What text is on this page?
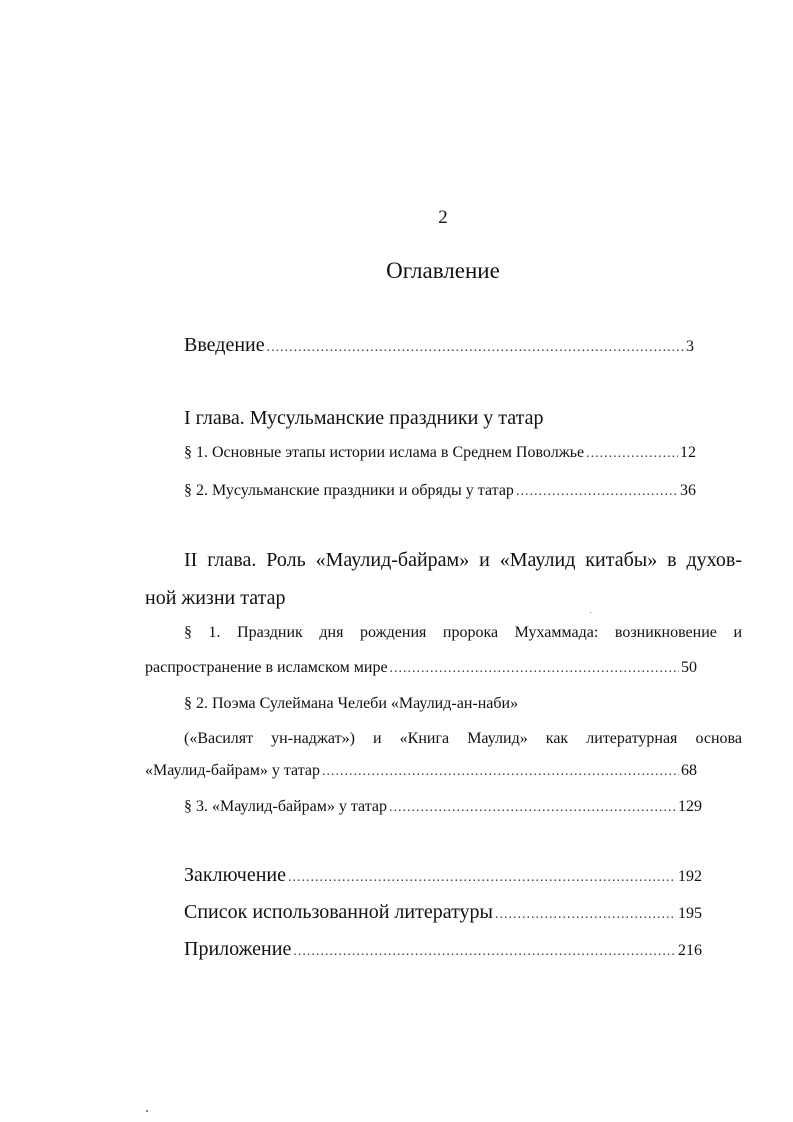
2
Оглавление
Введение .....	3
I глава. Мусульманские праздники у татар
§ 1. Основные этапы истории ислама в Среднем Поволжье .....	12
§ 2. Мусульманские праздники и обряды у татар .....	36
II глава. Роль «Маулид-байрам» и «Маулид китабы» в духов-
ной жизни татар
§ 1. Праздник дня рождения пророка Мухаммада: возникновение и
распространение в исламском мире .....	50
§ 2. Поэма Сулеймана Челеби «Маулид-ан-наби»
(«Василят ун-наджат») и «Книга Маулид» как литературная основа
«Маулид-байрам» у татар .....	68
§ 3. «Маулид-байрам» у татар .....	129
Заключение .....	192
Список использованной литературы .....	195
Приложение .....	216
